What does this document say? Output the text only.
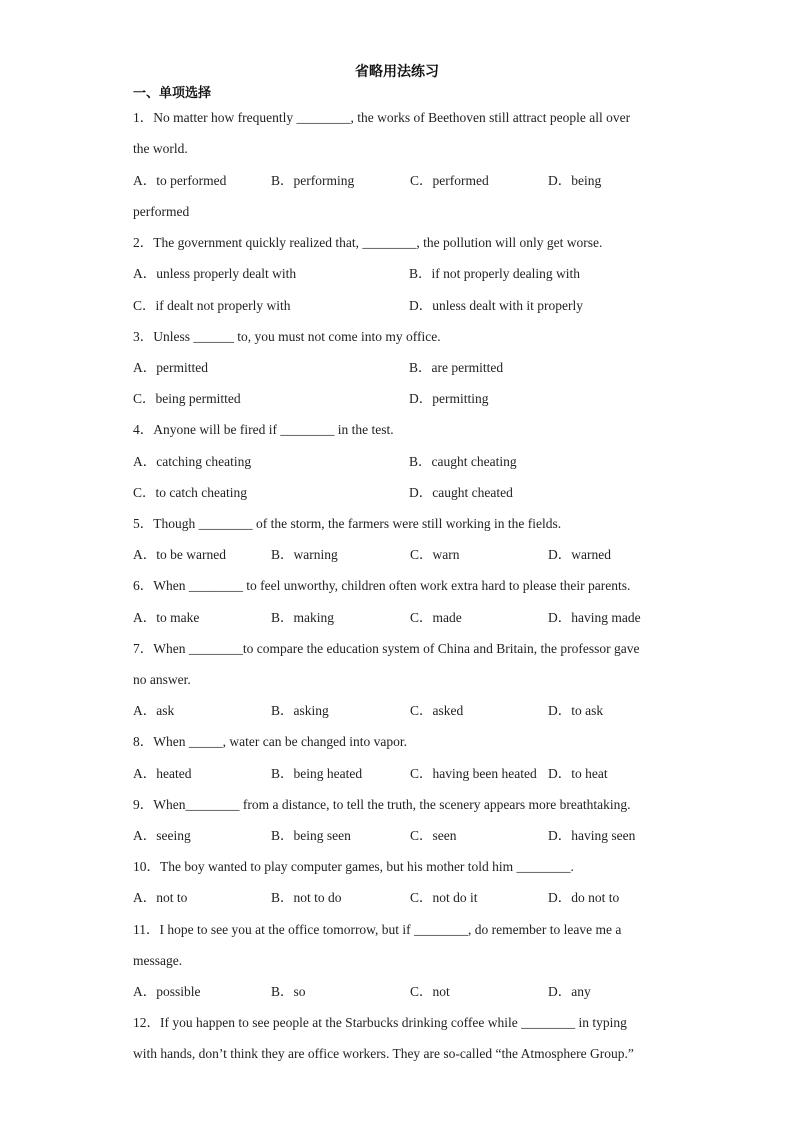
省略用法练习
一、单项选择
1．No matter how frequently ________, the works of Beethoven still attract people all over
the world.
A．to performed	B．performing	C．performed	D．being
performed
2．The government quickly realized that, ________, the pollution will only get worse.
A．unless properly dealt with	B．if not properly dealing with
C．if dealt not properly with	D．unless dealt with it properly
3．Unless ______ to, you must not come into my office.
A．permitted	B．are permitted
C．being permitted	D．permitting
4．Anyone will be fired if ________ in the test.
A．catching cheating	B．caught cheating
C．to catch cheating	D．caught cheated
5．Though ________ of the storm, the farmers were still working in the fields.
A．to be warned	B．warning	C．warn	D．warned
6．When ________ to feel unworthy, children often work extra hard to please their parents.
A．to make	B．making	C．made	D．having made
7．When ________to compare the education system of China and Britain, the professor gave
no answer.
A．ask	B．asking	C．asked	D．to ask
8．When _____, water can be changed into vapor.
A．heated	B．being heated	C．having been heated D．to heat
9．When________ from a distance, to tell the truth, the scenery appears more breathtaking.
A．seeing	B．being seen	C．seen	D．having seen
10．The boy wanted to play computer games, but his mother told him ________.
A．not to	B．not to do	C．not do it	D．do not to
11．I hope to see you at the office tomorrow, but if ________, do remember to leave me a
message.
A．possible	B．so	C．not	D．any
12．If you happen to see people at the Starbucks drinking coffee while ________ in typing
with hands, don’t think they are office workers. They are so-called “the Atmosphere Group.”
